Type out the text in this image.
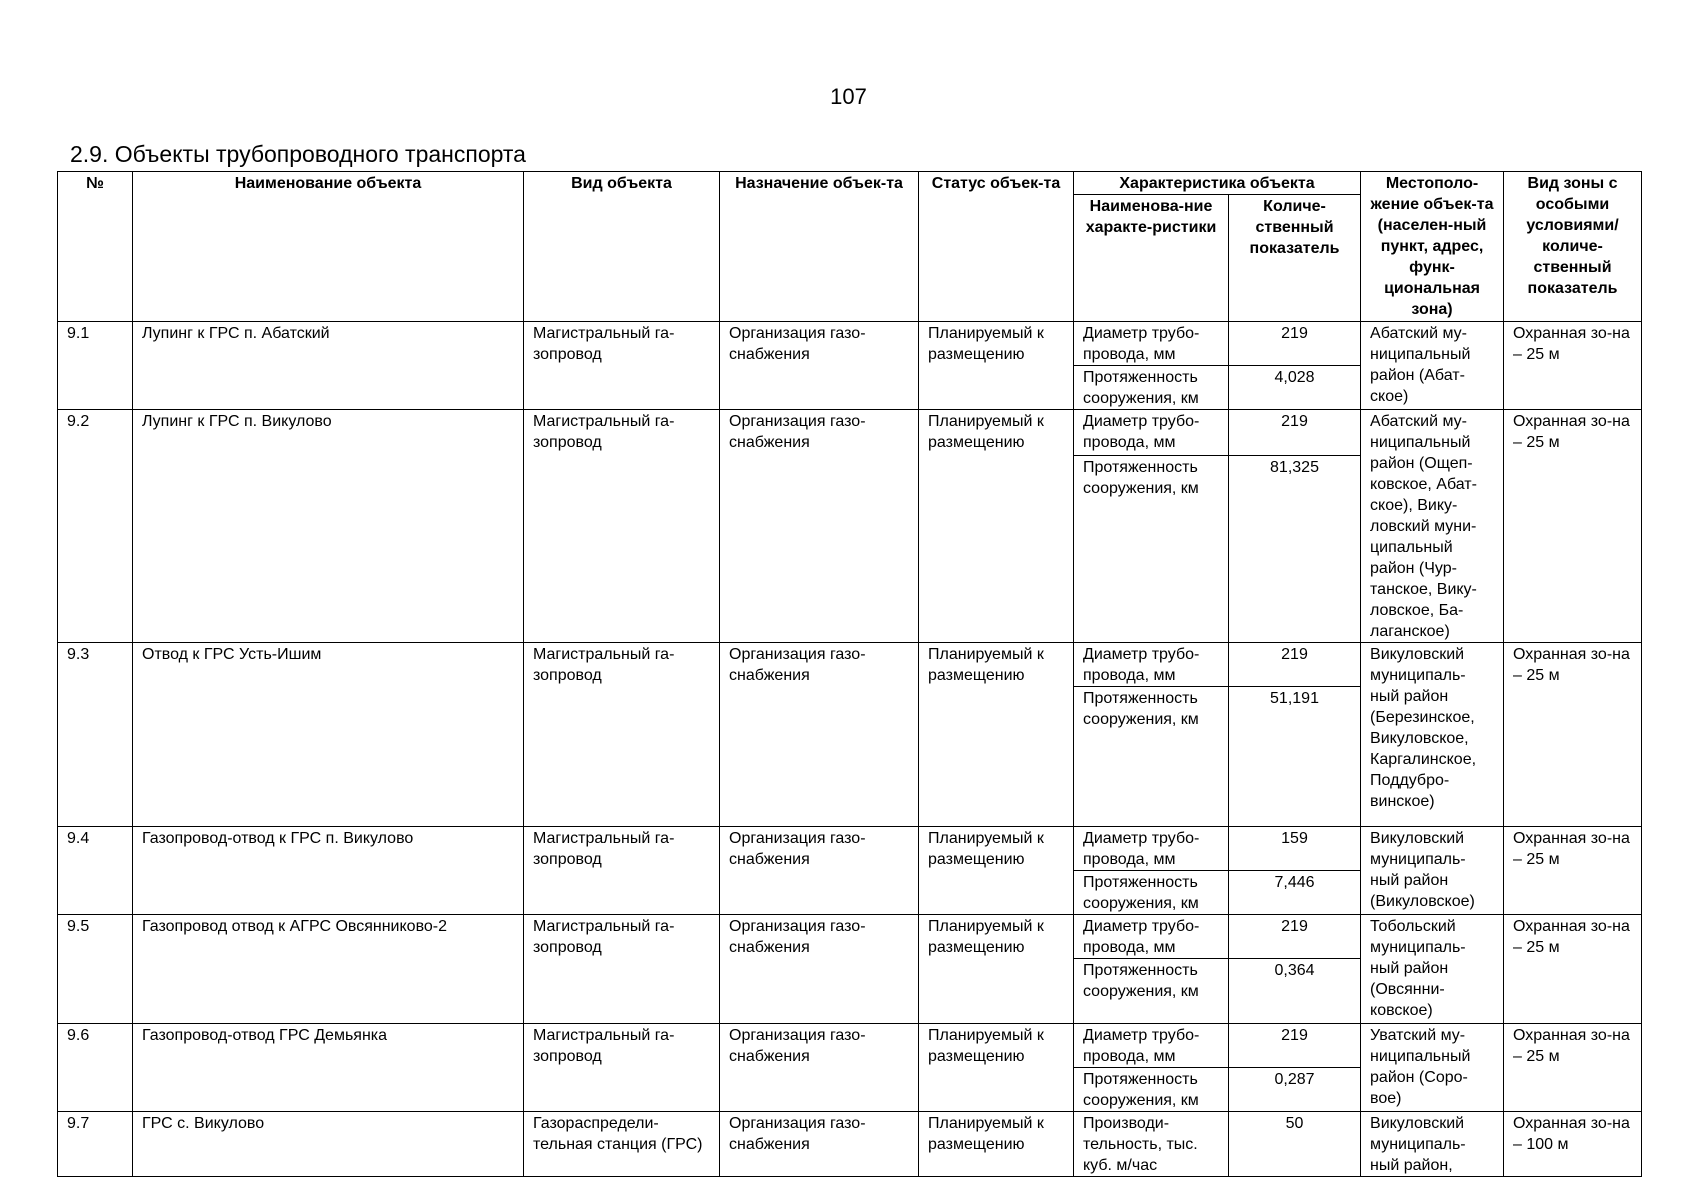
107
2.9. Объекты трубопроводного транспорта
№	Наименование объекта	Вид объекта	Назначение объек-та	Статус объек-та	Характеристика объекта		Местополо-жение объек-та (населен-ный пункт, адрес, функ-циональная зона)	Вид зоны с особыми условиями/ количе-ственный показатель
					Наименова-ние характе-ристики	Количе-ственный показатель		
9.1	Лупинг к ГРС п. Абатский	Магистральный га-зопровод	Организация газо-снабжения	Планируемый к размещению	Диаметр трубо-провода, мм	219	Абатский му-ниципальный район (Абат-ское)	Охранная зо-на – 25 м
					Протяженность сооружения, км	4,028		
9.2	Лупинг к ГРС п. Викулово	Магистральный га-зопровод	Организация газо-снабжения	Планируемый к размещению	Диаметр трубо-провода, мм	219	Абатский му-ниципальный район (Ощеп-ковское, Абат-ское), Вику-ловский муни-ципальный район (Чур-танское, Вику-ловское, Ба-лаганское)	Охранная зо-на – 25 м
					Протяженность сооружения, км	81,325		
9.3	Отвод к ГРС Усть-Ишим	Магистральный га-зопровод	Организация газо-снабжения	Планируемый к размещению	Диаметр трубо-провода, мм	219	Викуловский муниципаль-ный район (Березинское, Викуловское, Каргалинское, Поддубро-винское)	Охранная зо-на – 25 м
					Протяженность сооружения, км	51,191		
9.4	Газопровод-отвод к ГРС п. Викулово	Магистральный га-зопровод	Организация газо-снабжения	Планируемый к размещению	Диаметр трубо-провода, мм	159	Викуловский муниципаль-ный район (Викуловское)	Охранная зо-на – 25 м
					Протяженность сооружения, км	7,446		
9.5	Газопровод отвод к АГРС Овсянниково-2	Магистральный га-зопровод	Организация газо-снабжения	Планируемый к размещению	Диаметр трубо-провода, мм	219	Тобольский муниципаль-ный район (Овсянни-ковское)	Охранная зо-на – 25 м
					Протяженность сооружения, км	0,364		
9.6	Газопровод-отвод ГРС Демьянка	Магистральный га-зопровод	Организация газо-снабжения	Планируемый к размещению	Диаметр трубо-провода, мм	219	Уватский му-ниципальный район (Соро-вое)	Охранная зо-на – 25 м
					Протяженность сооружения, км	0,287		
9.7	ГРС с. Викулово	Газораспредели-тельная станция (ГРС)	Организация газо-снабжения	Планируемый к размещению	Производи-тельность, тыс. куб. м/час	50	Викуловский муниципаль-ный район,	Охранная зо-на – 100 м
